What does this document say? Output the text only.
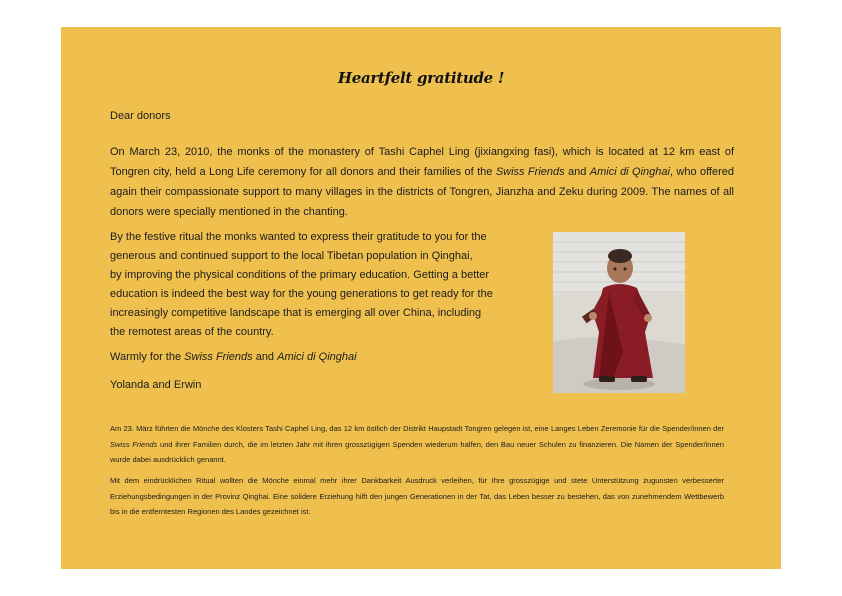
Heartfelt gratitude !
Dear donors
On March 23, 2010, the monks of the monastery of Tashi Caphel Ling (jixiangxing fasi), which is located at 12 km east of Tongren city, held a Long Life ceremony for all donors and their families of the Swiss Friends and Amici di Qinghai, who offered again their compassionate support to many villages in the districts of Tongren, Jianzha and Zeku during 2009. The names of all donors were specially mentioned in the chanting.
By the festive ritual the monks wanted to express their gratitude to you for the
generous and continued support to the local Tibetan population in Qinghai,
by improving the physical conditions of the primary education. Getting a better
education is indeed the best way for the young generations to get ready for the
increasingly competitive landscape that is emerging all over China, including
the remotest areas of the country.
Warmly for the Swiss Friends and Amici di Qinghai
Yolanda and Erwin
Am 23. März führten die Mönche des Klosters Tashi Caphel Ling, das 12 km östlich der Distrikt Haupstadt Tongren gelegen ist, eine Langes Leben Zeremonie für die Spender/innen der Swiss Friends und ihrer Familien durch, die im letzten Jahr mit ihren grosszügigen Spenden wiederum halfen, den Bau neuer Schulen zu finanzieren. Die Namen der Spender/innen wurde dabei ausdrücklich genannt.
Mit dem eindrücklichen Ritual wollten die Mönche einmal mehr ihrer Dankbarkeit Ausdruck verleihen, für Ihre grosszügige und stete Unterstützung zugunsten verbesserter Erziehungsbedingungen in der Provinz Qinghai. Eine solidere Erziehung hilft den jungen Generationen in der Tat, das Leben besser zu bestehen, das von zunehmendem Wettbewerb bis in die entferntesten Regionen des Landes gezeichnet ist.
